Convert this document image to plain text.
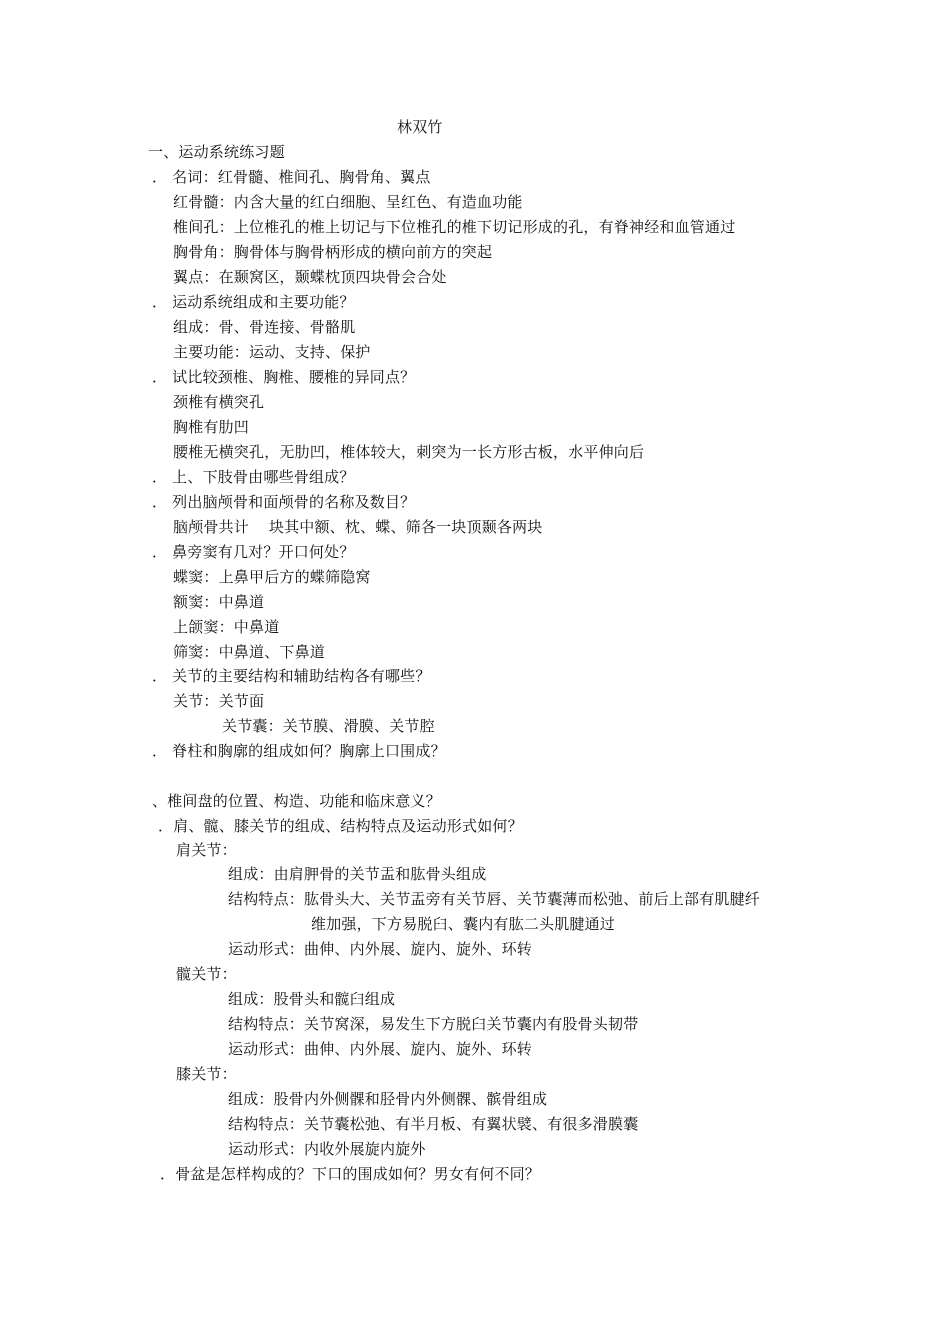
林双竹
一、运动系统练习题
． 名词：红骨髓、椎间孔、胸骨角、翼点
红骨髓：内含大量的红白细胞、呈红色、有造血功能
椎间孔：上位椎孔的椎上切记与下位椎孔的椎下切记形成的孔，有脊神经和血管通过
胸骨角：胸骨体与胸骨柄形成的横向前方的突起
翼点：在颞窝区，颞蝶枕顶四块骨会合处
． 运动系统组成和主要功能？
组成：骨、骨连接、骨骼肌
主要功能：运动、支持、保护
． 试比较颈椎、胸椎、腰椎的异同点？
颈椎有横突孔
胸椎有肋凹
腰椎无横突孔，无肋凹，椎体较大，刺突为一长方形古板，水平伸向后
． 上、下肢骨由哪些骨组成？
． 列出脑颅骨和面颅骨的名称及数目？
脑颅骨共计    块其中额、枕、蝶、筛各一块顶颞各两块
． 鼻旁窦有几对？开口何处？
蝶窦：上鼻甲后方的蝶筛隐窝
额窦：中鼻道
上颌窦：中鼻道
筛窦：中鼻道、下鼻道
． 关节的主要结构和辅助结构各有哪些？
关节：关节面
关节囊：关节膜、滑膜、关节腔
． 脊柱和胸廓的组成如何？胸廓上口围成？
、椎间盘的位置、构造、功能和临床意义？
．肩、髋、膝关节的组成、结构特点及运动形式如何？
肩关节：
组成：由肩胛骨的关节盂和肱骨头组成
结构特点：肱骨头大、关节盂旁有关节唇、关节囊薄而松弛、前后上部有肌腱纤
维加强，下方易脱臼、囊内有肱二头肌腱通过
运动形式：曲伸、内外展、旋内、旋外、环转
髋关节：
组成：股骨头和髋臼组成
结构特点：关节窝深，易发生下方脱臼关节囊内有股骨头韧带
运动形式：曲伸、内外展、旋内、旋外、环转
膝关节：
组成：股骨内外侧髁和胫骨内外侧髁、髌骨组成
结构特点：关节囊松弛、有半月板、有翼状襞、有很多滑膜囊
运动形式：内收外展旋内旋外
．骨盆是怎样构成的？下口的围成如何？男女有何不同？
